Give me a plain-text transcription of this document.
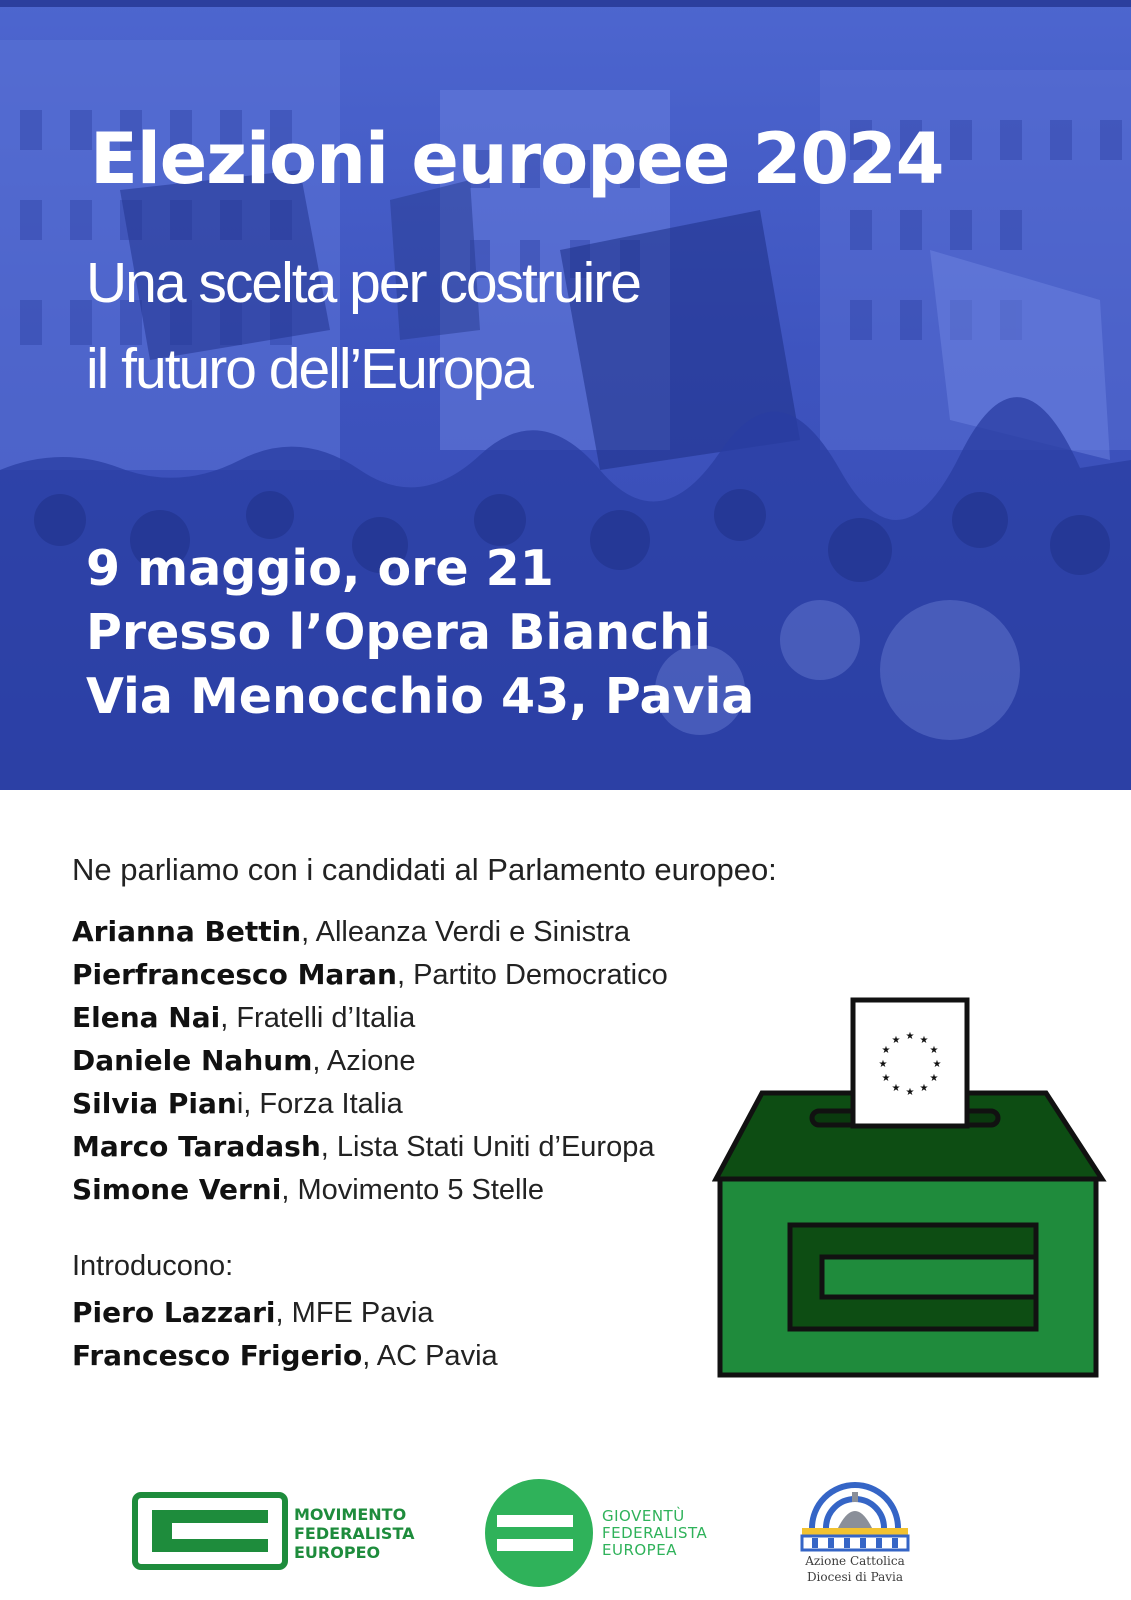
Elezioni europee 2024
Una scelta per costruire
il futuro dell’Europa
9 maggio, ore 21
Presso l’Opera Bianchi
Via Menocchio 43, Pavia
Ne parliamo con i candidati al Parlamento europeo:
Arianna Bettin, Alleanza Verdi e Sinistra
Pierfrancesco Maran, Partito Democratico
Elena Nai, Fratelli d’Italia
Daniele Nahum, Azione
Silvia Piani, Forza Italia
Marco Taradash, Lista Stati Uniti d’Europa
Simone Verni, Movimento 5 Stelle
Introducono:
Piero Lazzari, MFE Pavia
Francesco Frigerio, AC Pavia
★ ★
★
★
★
★
★
★
★
★
★
★
MOVIMENTO
FEDERALISTA
EUROPEO
GIOVENTÙ
FEDERALISTA
EUROPEA
Azione Cattolica
Diocesi di Pavia
